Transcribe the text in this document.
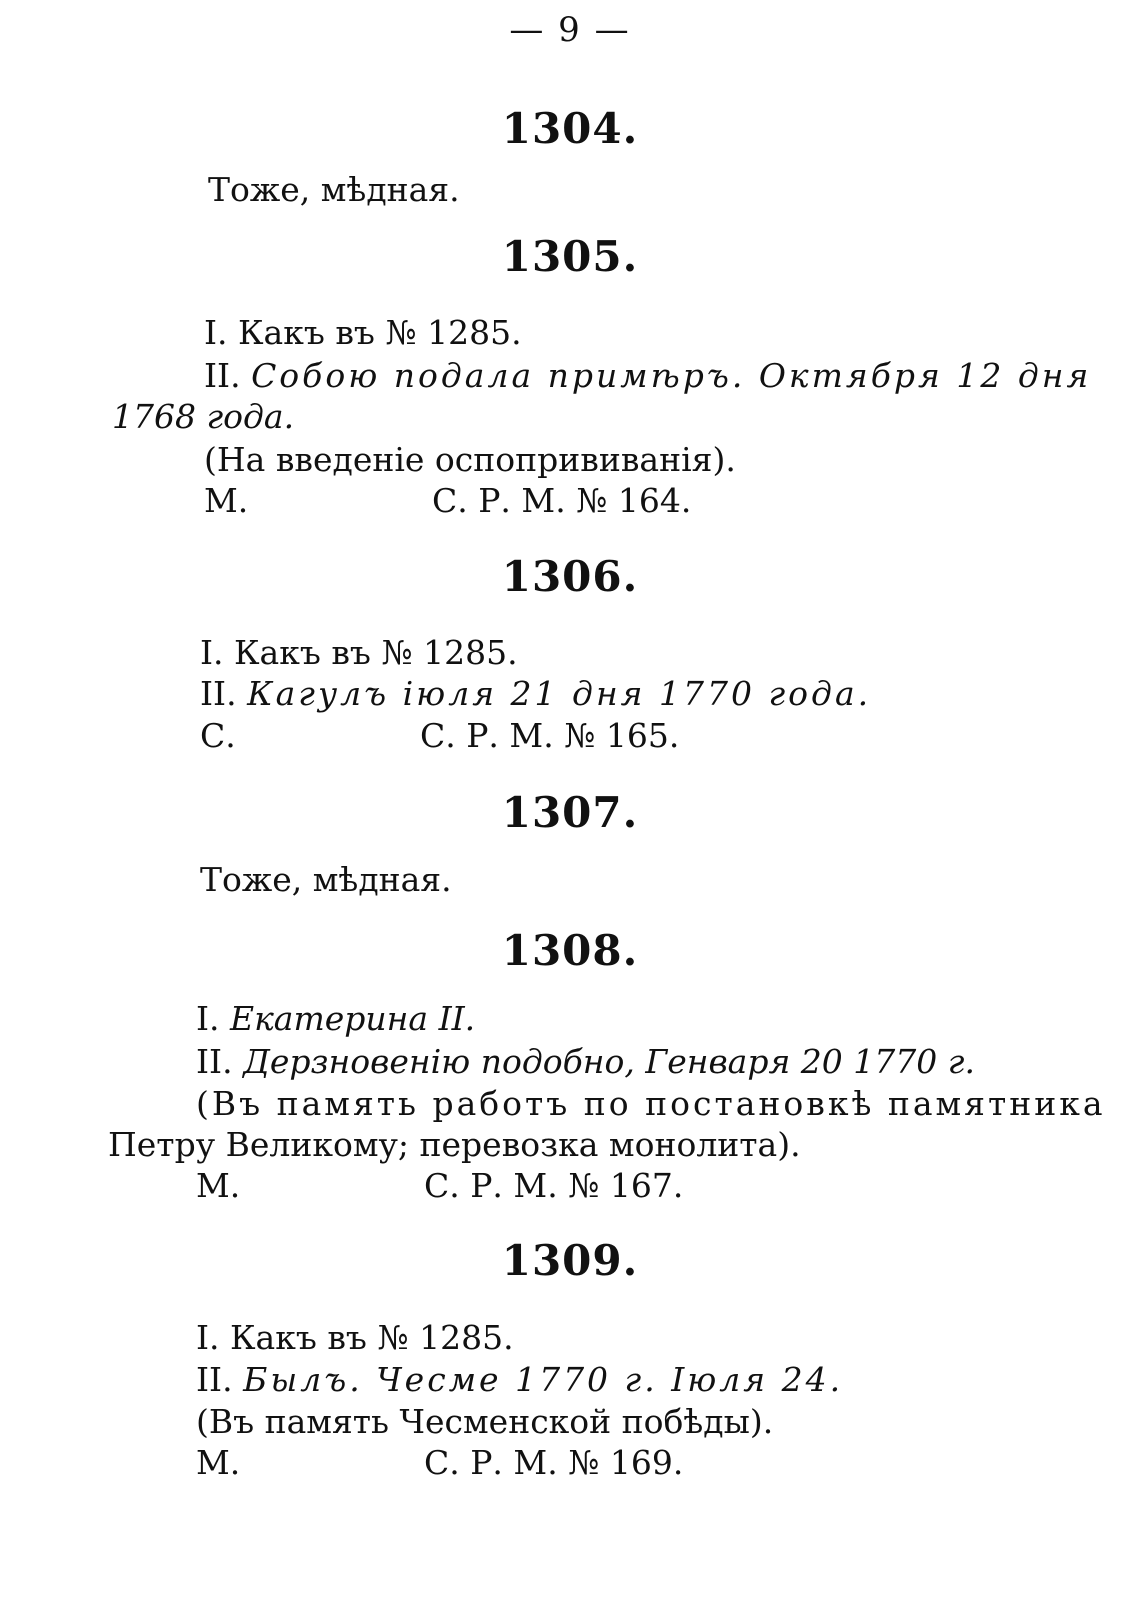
— 9 —
1304.
Тоже, мѣдная.
1305.
I. Какъ въ № 1285.
II. Собою подала примѣръ. Октября 12 дня
1768 года.
(На введеніе оспопрививанія).
М.	С. Р. М. № 164.
1306.
I. Какъ въ № 1285.
II. Кагулъ іюля 21 дня 1770 года.
С.	С. Р. М. № 165.
1307.
Тоже, мѣдная.
1308.
I. Екатерина II.
II. Дерзновенію подобно, Генваря 20 1770 г.
(Въ память работъ по постановкѣ памятника
Петру Великому; перевозка монолита).
М.	С. Р. М. № 167.
1309.
I. Какъ въ № 1285.
II. Былъ. Чесме 1770 г. Іюля 24.
(Въ память Чесменской побѣды).
М.	С. Р. М. № 169.
